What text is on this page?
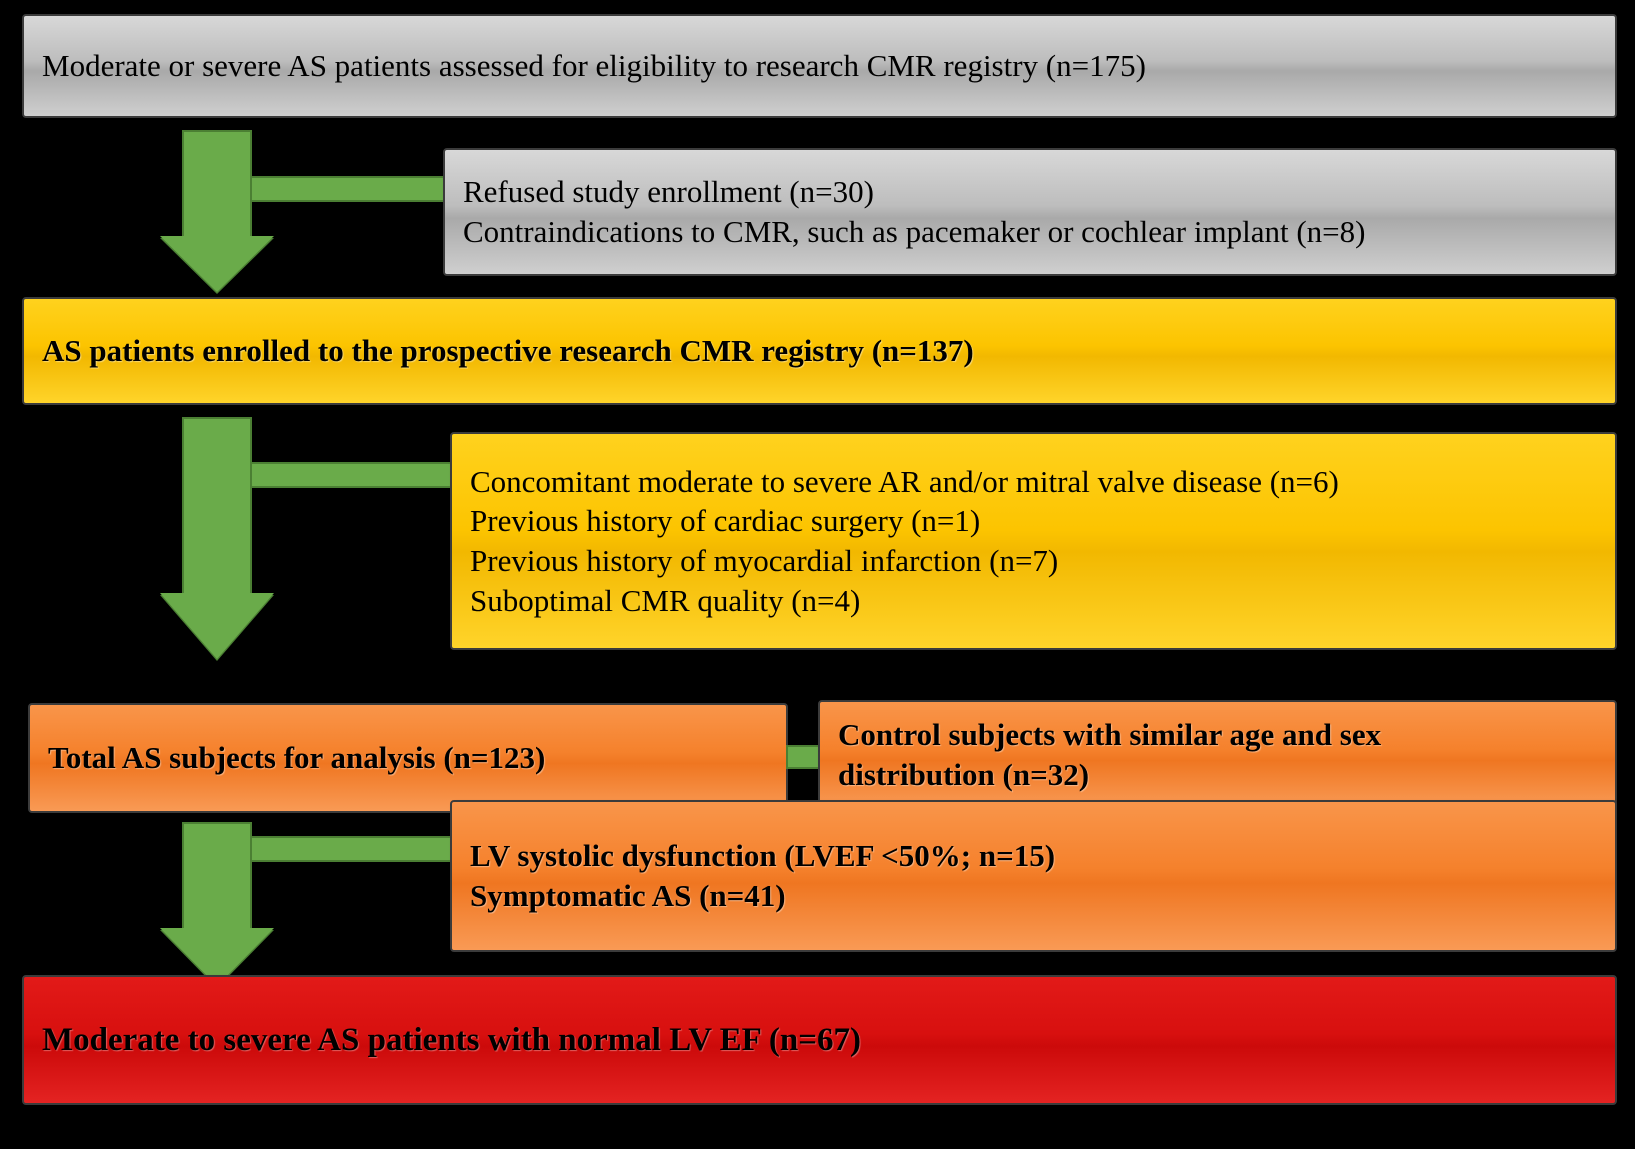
Moderate or severe AS patients assessed for eligibility to research CMR registry (n=175)
Refused study enrollment (n=30)
Contraindications to CMR, such as pacemaker or cochlear implant (n=8)
AS patients enrolled to the prospective research CMR registry (n=137)
Concomitant moderate to severe AR and/or mitral valve disease (n=6)
Previous history of cardiac surgery (n=1)
Previous history of myocardial infarction (n=7)
Suboptimal CMR quality (n=4)
Total AS subjects for analysis (n=123)
Control subjects with similar age and sex
distribution (n=32)
LV systolic dysfunction (LVEF <50%; n=15)
Symptomatic AS (n=41)
Moderate to severe AS patients with normal LV EF (n=67)
